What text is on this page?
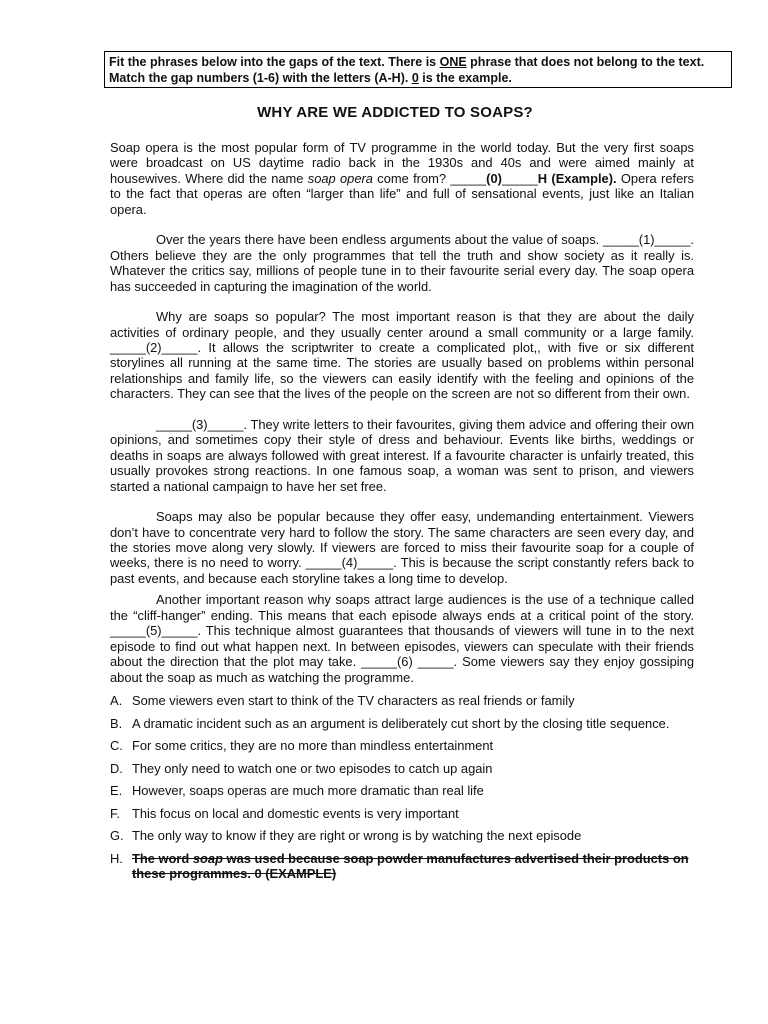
Fit the phrases below into the gaps of the text. There is ONE phrase that does not belong to the text. Match the gap numbers (1-6) with the letters (A-H). 0 is the example.
WHY ARE WE ADDICTED TO SOAPS?

Soap opera is the most popular form of TV programme in the world today. But the very first soaps were broadcast on US daytime radio back in the 1930s and 40s and were aimed mainly at housewives. Where did the name soap opera come from? _____(0)_____H (Example). Opera refers to the fact that operas are often “larger than life” and full of sensational events, just like an Italian opera.

Over the years there have been endless arguments about the value of soaps. _____(1)_____. Others believe they are the only programmes that tell the truth and show society as it really is. Whatever the critics say, millions of people tune in to their favourite serial every day. The soap opera has succeeded in capturing the imagination of the world.

Why are soaps so popular? The most important reason is that they are about the daily activities of ordinary people, and they usually center around a small community or a large family. _____(2)_____. It allows the scriptwriter to create a complicated plot,, with five or six different storylines all running at the same time. The stories are usually based on problems within personal relationships and family life, so the viewers can easily identify with the feeling and opinions of the characters. They can see that the lives of the people on the screen are not so different from their own.

_____(3)_____. They write letters to their favourites, giving them advice and offering their own opinions, and sometimes copy their style of dress and behaviour. Events like births, weddings or deaths in soaps are always followed with great interest. If a favourite character is unfairly treated, this usually provokes strong reactions. In one famous soap, a woman was sent to prison, and viewers started a national campaign to have her set free.

Soaps may also be popular because they offer easy, undemanding entertainment. Viewers don’t have to concentrate very hard to follow the story. The same characters are seen every day, and the stories move along very slowly. If viewers are forced to miss their favourite soap for a couple of weeks, there is no need to worry. _____(4)_____. This is because the script constantly refers back to past events, and because each storyline takes a long time to develop.

Another important reason why soaps attract large audiences is the use of a technique called the “cliff-hanger” ending. This means that each episode always ends at a critical point of the story. _____(5)_____. This technique almost guarantees that thousands of viewers will tune in to the next episode to find out what happen next. In between episodes, viewers can speculate with their friends about the direction that the plot may take. _____(6) _____. Some viewers say they enjoy gossiping about the soap as much as watching the programme.

A. Some viewers even start to think of the TV characters as real friends or family
B. A dramatic incident such as an argument is deliberately cut short by the closing title sequence.
C. For some critics, they are no more than mindless entertainment
D. They only need to watch one or two episodes to catch up again
E. However, soaps operas are much more dramatic than real life
F. This focus on local and domestic events is very important
G. The only way to know if they are right or wrong is by watching the next episode
H. The word soap was used because soap powder manufactures advertised their products on these programmes. 0 (EXAMPLE)
